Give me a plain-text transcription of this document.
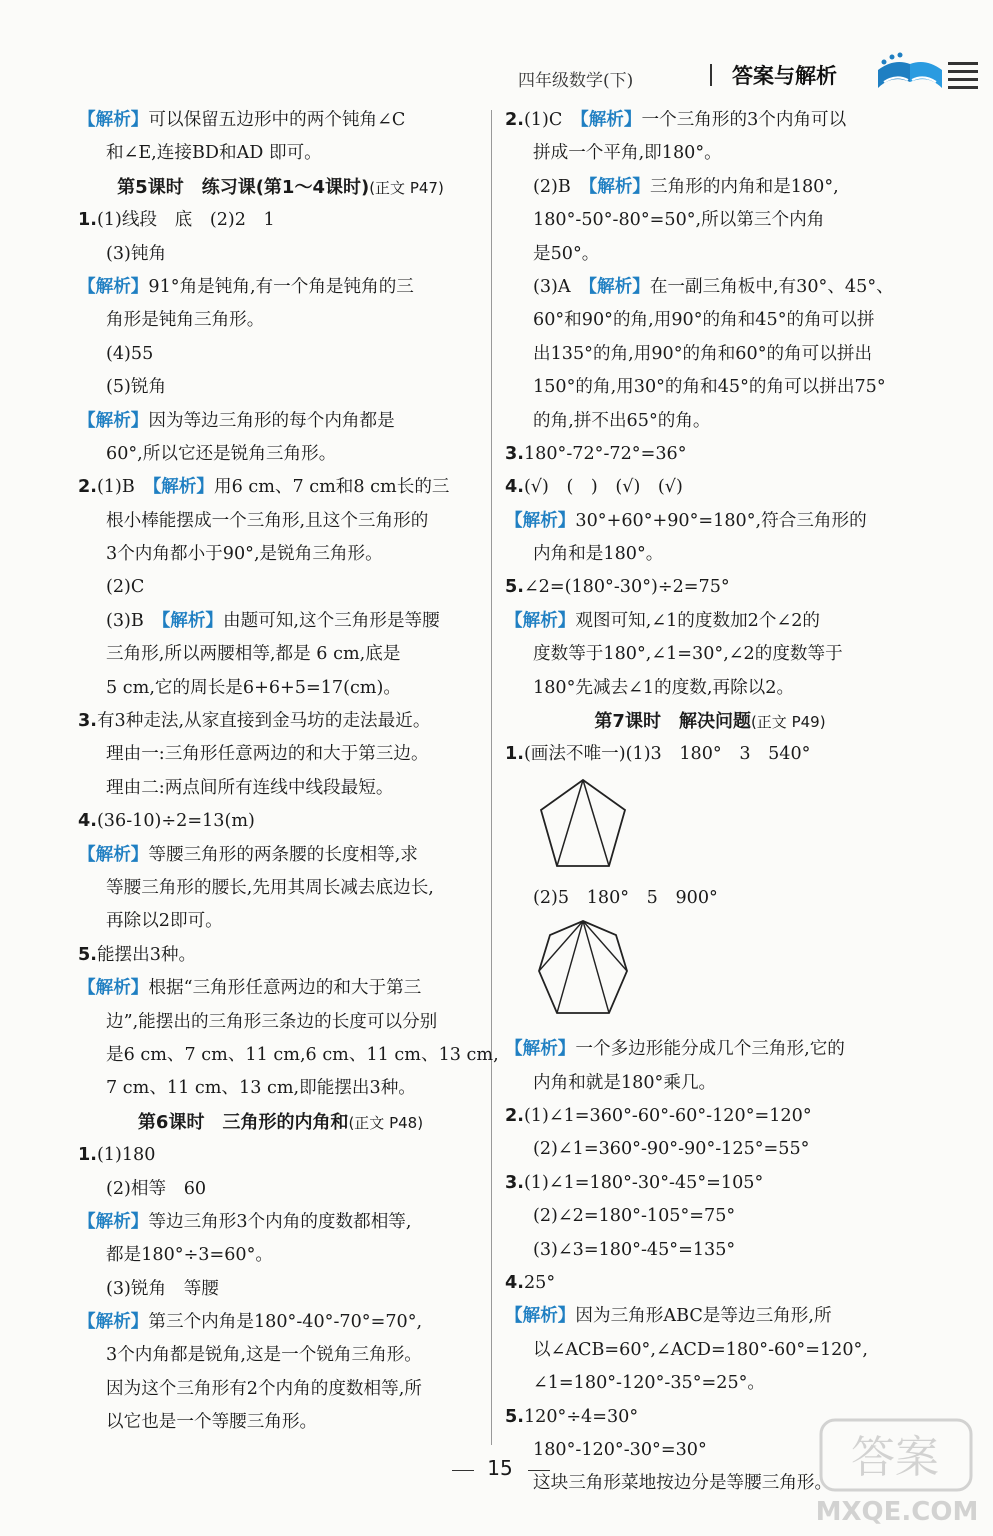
四年级数学(下)	答案与解析
【解析】可以保留五边形中的两个钝角∠C
和∠E,连接BD和AD 即可。
第5课时　练习课(第1～4课时)(正文 P47)
1.(1)线段　底　(2)2　1
(3)钝角
【解析】91°角是钝角,有一个角是钝角的三
角形是钝角三角形。
(4)55
(5)锐角
【解析】因为等边三角形的每个内角都是
60°,所以它还是锐角三角形。
2.(1)B　【解析】用6 cm、7 cm和8 cm长的三
根小棒能摆成一个三角形,且这个三角形的
3个内角都小于90°,是锐角三角形。
(2)C
(3)B　【解析】由题可知,这个三角形是等腰
三角形,所以两腰相等,都是 6 cm,底是
5 cm,它的周长是6+6+5=17(cm)。
3.有3种走法,从家直接到金马坊的走法最近。
理由一:三角形任意两边的和大于第三边。
理由二:两点间所有连线中线段最短。
4.(36-10)÷2=13(m)
【解析】等腰三角形的两条腰的长度相等,求
等腰三角形的腰长,先用其周长减去底边长,
再除以2即可。
5.能摆出3种。
【解析】根据“三角形任意两边的和大于第三
边”,能摆出的三角形三条边的长度可以分别
是6 cm、7 cm、11 cm,6 cm、11 cm、13 cm,
7 cm、11 cm、13 cm,即能摆出3种。
第6课时　三角形的内角和(正文 P48)
1.(1)180
(2)相等　60
【解析】等边三角形3个内角的度数都相等,
都是180°÷3=60°。
(3)锐角　等腰
【解析】第三个内角是180°-40°-70°=70°,
3个内角都是锐角,这是一个锐角三角形。
因为这个三角形有2个内角的度数相等,所
以它也是一个等腰三角形。
2.(1)C　【解析】一个三角形的3个内角可以
拼成一个平角,即180°。
(2)B　【解析】三角形的内角和是180°,
180°-50°-80°=50°,所以第三个内角
是50°。
(3)A　【解析】在一副三角板中,有30°、45°、
60°和90°的角,用90°的角和45°的角可以拼
出135°的角,用90°的角和60°的角可以拼出
150°的角,用30°的角和45°的角可以拼出75°
的角,拼不出65°的角。
3.180°-72°-72°=36°
4.(√)　(　)　(√)　(√)
【解析】30°+60°+90°=180°,符合三角形的
内角和是180°。
5.∠2=(180°-30°)÷2=75°
【解析】观图可知,∠1的度数加2个∠2的
度数等于180°,∠1=30°,∠2的度数等于
180°先减去∠1的度数,再除以2。
第7课时　解决问题(正文 P49)
1.(画法不唯一)(1)3　180°　3　540°
(2)5　180°　5　900°
【解析】一个多边形能分成几个三角形,它的
内角和就是180°乘几。
2.(1)∠1=360°-60°-60°-120°=120°
(2)∠1=360°-90°-90°-125°=55°
3.(1)∠1=180°-30°-45°=105°
(2)∠2=180°-105°=75°
(3)∠3=180°-45°=135°
4.25°
【解析】因为三角形ABC是等边三角形,所
以∠ACB=60°,∠ACD=180°-60°=120°,
∠1=180°-120°-35°=25°。
5.120°÷4=30°
180°-120°-30°=30°
这块三角形菜地按边分是等腰三角形。
15	答案
MXQE.COM
